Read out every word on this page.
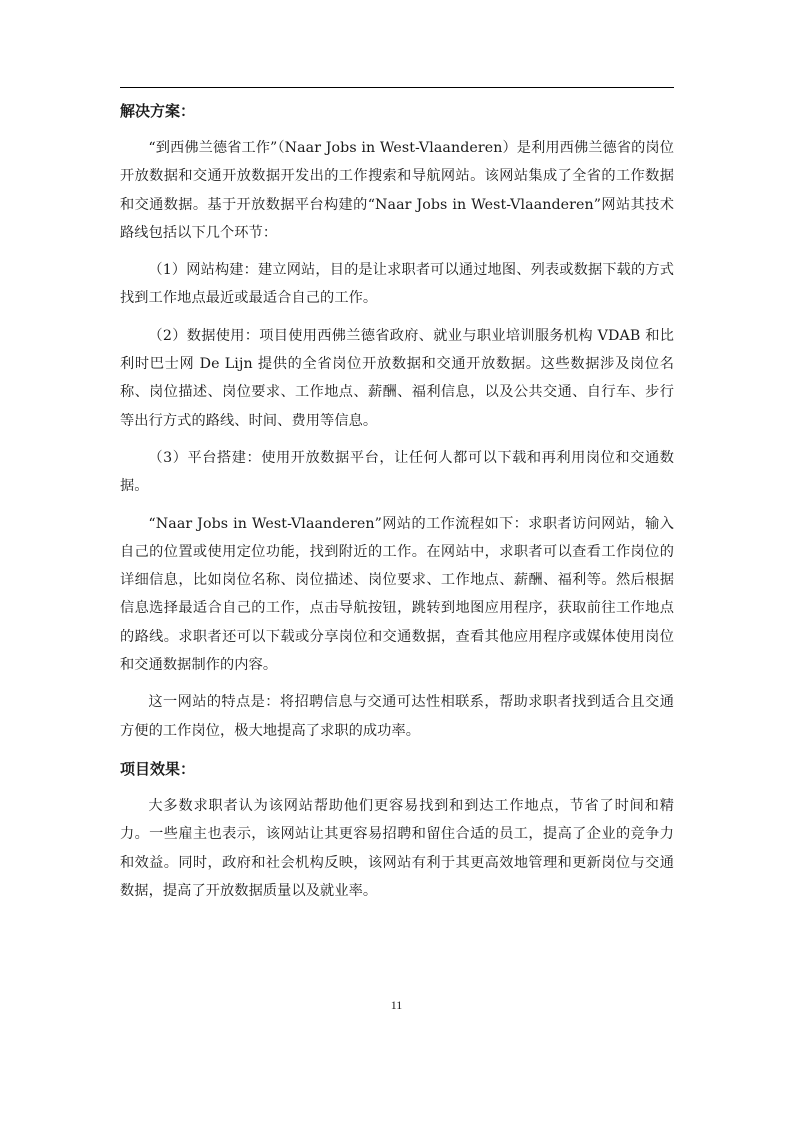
解决方案：

“到西佛兰德省工作”（Naar Jobs in West-Vlaanderen）是利用西佛兰德省的岗位开放数据和交通开放数据开发出的工作搜索和导航网站。该网站集成了全省的工作数据和交通数据。基于开放数据平台构建的“Naar Jobs in West-Vlaanderen”网站其技术路线包括以下几个环节：

（1）网站构建：建立网站，目的是让求职者可以通过地图、列表或数据下载的方式找到工作地点最近或最适合自己的工作。

（2）数据使用：项目使用西佛兰德省政府、就业与职业培训服务机构 VDAB 和比利时巴士网 De Lijn 提供的全省岗位开放数据和交通开放数据。这些数据涉及岗位名称、岗位描述、岗位要求、工作地点、薪酬、福利信息，以及公共交通、自行车、步行等出行方式的路线、时间、费用等信息。

（3）平台搭建：使用开放数据平台，让任何人都可以下载和再利用岗位和交通数据。

“Naar Jobs in West-Vlaanderen”网站的工作流程如下：求职者访问网站，输入自己的位置或使用定位功能，找到附近的工作。在网站中，求职者可以查看工作岗位的详细信息，比如岗位名称、岗位描述、岗位要求、工作地点、薪酬、福利等。然后根据信息选择最适合自己的工作，点击导航按钮，跳转到地图应用程序，获取前往工作地点的路线。求职者还可以下载或分享岗位和交通数据，查看其他应用程序或媒体使用岗位和交通数据制作的内容。

这一网站的特点是：将招聘信息与交通可达性相联系，帮助求职者找到适合且交通方便的工作岗位，极大地提高了求职的成功率。

项目效果：

大多数求职者认为该网站帮助他们更容易找到和到达工作地点，节省了时间和精力。一些雇主也表示，该网站让其更容易招聘和留住合适的员工，提高了企业的竞争力和效益。同时，政府和社会机构反映，该网站有利于其更高效地管理和更新岗位与交通数据，提高了开放数据质量以及就业率。

11
